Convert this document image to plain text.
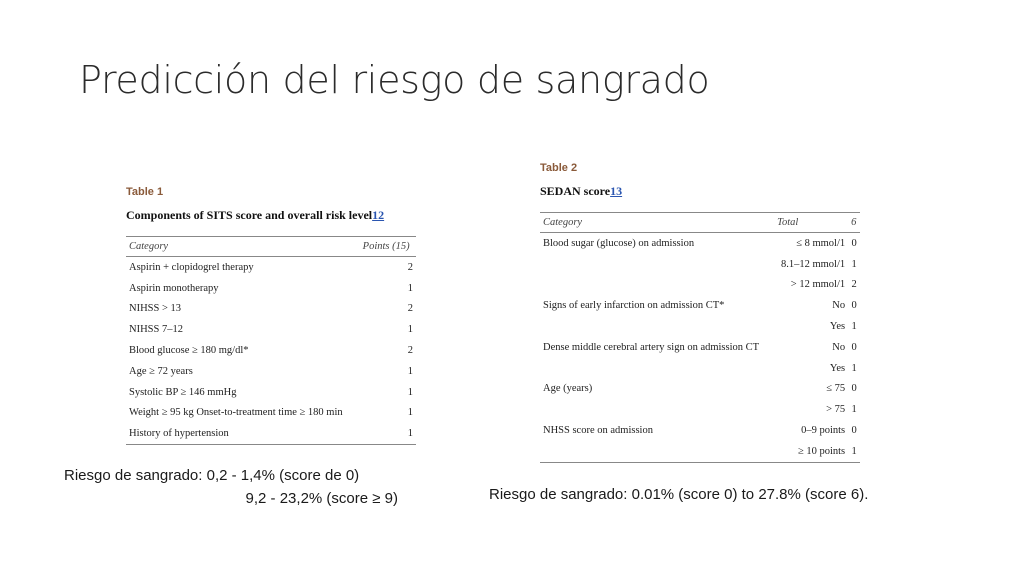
Predicción del riesgo de sangrado
Table 1
Components of SITS score and overall risk level12
Category	Points (15)
Aspirin + clopidogrel therapy	2
Aspirin monotherapy	1
NIHSS > 13	2
NIHSS 7–12	1
Blood glucose ≥ 180 mg/dl*	2
Age ≥ 72 years	1
Systolic BP ≥ 146 mmHg	1
Weight ≥ 95 kg Onset-to-treatment time ≥ 180 min	1
History of hypertension	1
Table 2
SEDAN score13
Category	Total	6
Blood sugar (glucose) on admission	≤ 8 mmol/1	0
	8.1–12 mmol/1	1
	> 12 mmol/1	2
Signs of early infarction on admission CT*	No	0
	Yes	1
Dense middle cerebral artery sign on admission CT	No	0
	Yes	1
Age (years)	≤ 75	0
	> 75	1
NHSS score on admission	0–9 points	0
	≥ 10 points	1
Riesgo de sangrado: 0,2 - 1,4% (score de 0)
9,2 - 23,2% (score ≥ 9)	Riesgo de sangrado: 0.01% (score 0) to 27.8% (score 6).
